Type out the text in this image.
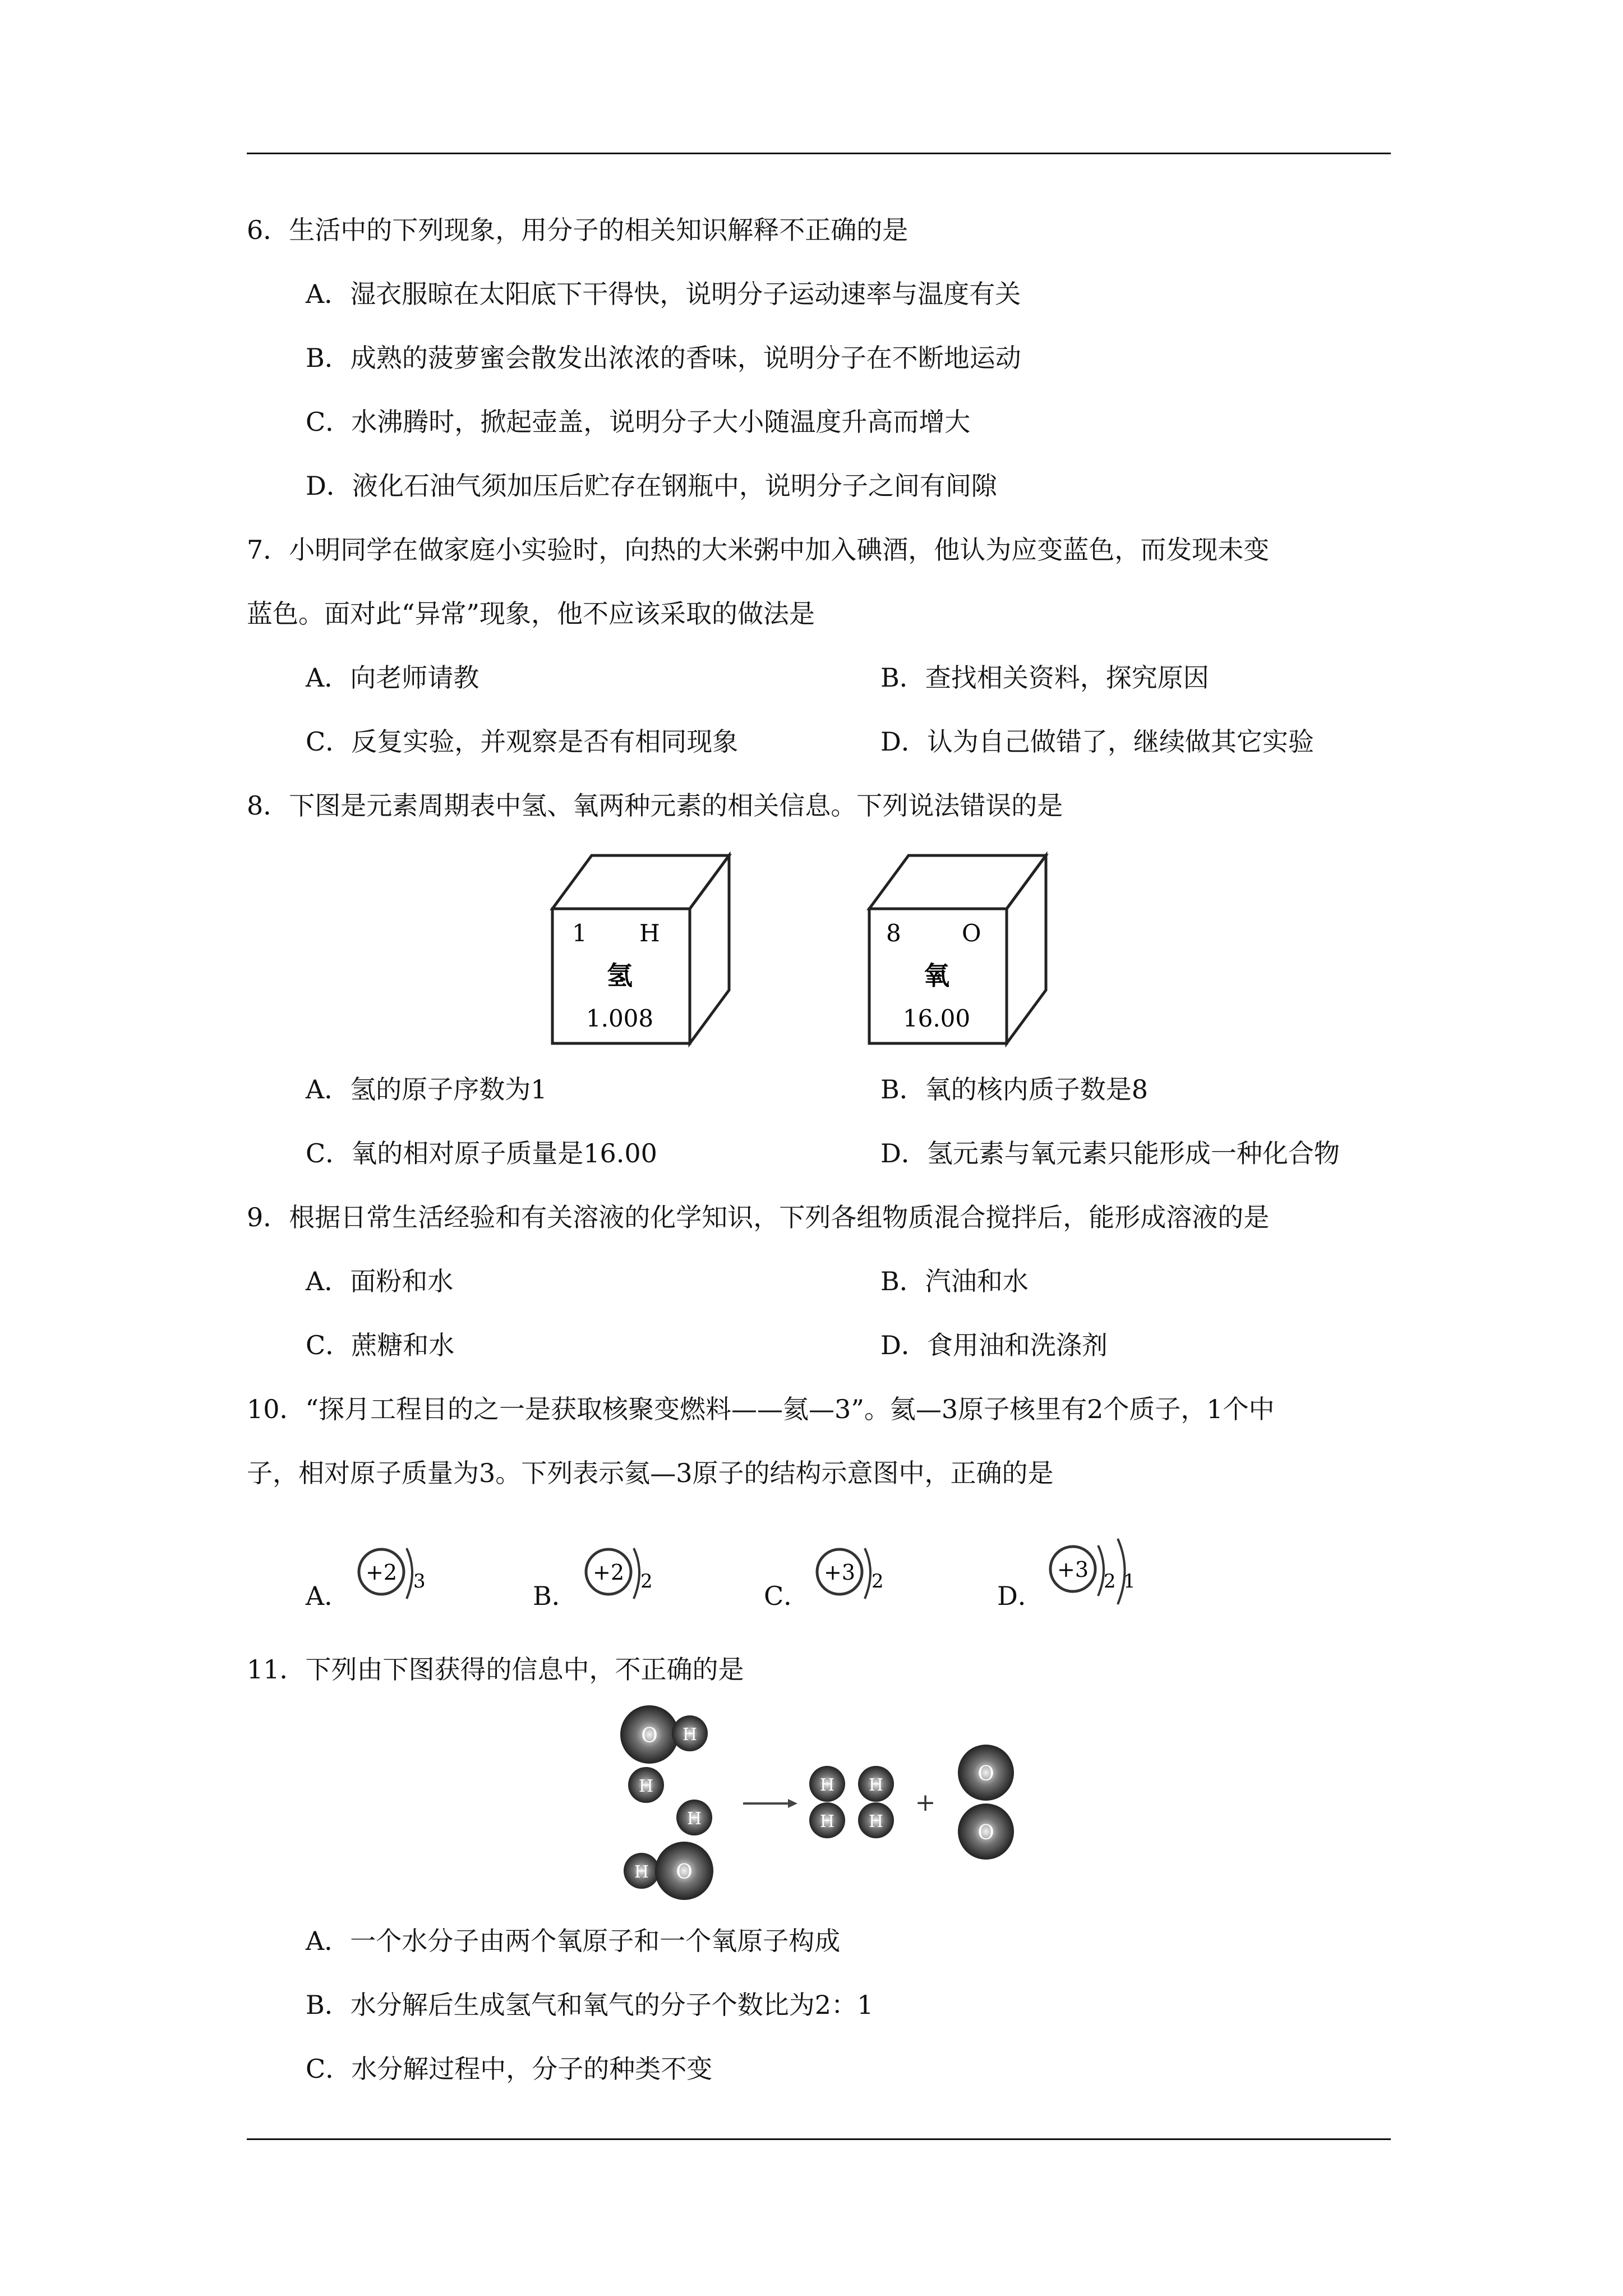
6．生活中的下列现象，用分子的相关知识解释不正确的是
A．湿衣服晾在太阳底下干得快，说明分子运动速率与温度有关
B．成熟的菠萝蜜会散发出浓浓的香味，说明分子在不断地运动
C．水沸腾时，掀起壶盖，说明分子大小随温度升高而增大
D．液化石油气须加压后贮存在钢瓶中，说明分子之间有间隙
7．小明同学在做家庭小实验时，向热的大米粥中加入碘酒，他认为应变蓝色，而发现未变
蓝色。面对此“异常”现象，他不应该采取的做法是
A．向老师请教	B．查找相关资料，探究原因
C．反复实验，并观察是否有相同现象	D．认为自己做错了，继续做其它实验
8．下图是元素周期表中氢、氧两种元素的相关信息。下列说法错误的是
1 H
氢
1.008
8	O
氧
16.00
A．氢的原子序数为1	B．氧的核内质子数是8
C．氧的相对原子质量是16.00	D．氢元素与氧元素只能形成一种化合物
9．根据日常生活经验和有关溶液的化学知识，下列各组物质混合搅拌后，能形成溶液的是
A．面粉和水	B．汽油和水
C．蔗糖和水	D．食用油和洗涤剂
10．“探月工程目的之一是获取核聚变燃料——氦—3”。氦—3原子核里有2个质子，1个中
子，相对原子质量为3。下列表示氦—3原子的结构示意图中，正确的是
A．
+2 3	B．
+2 2	C．
+3 2	D．
+3 2 1
11．下列由下图获得的信息中，不正确的是
O H
H
H
H O
H
H
H
H
+
O
O
A．一个水分子由两个氧原子和一个氧原子构成
B．水分解后生成氢气和氧气的分子个数比为2：1
C．水分解过程中，分子的种类不变
